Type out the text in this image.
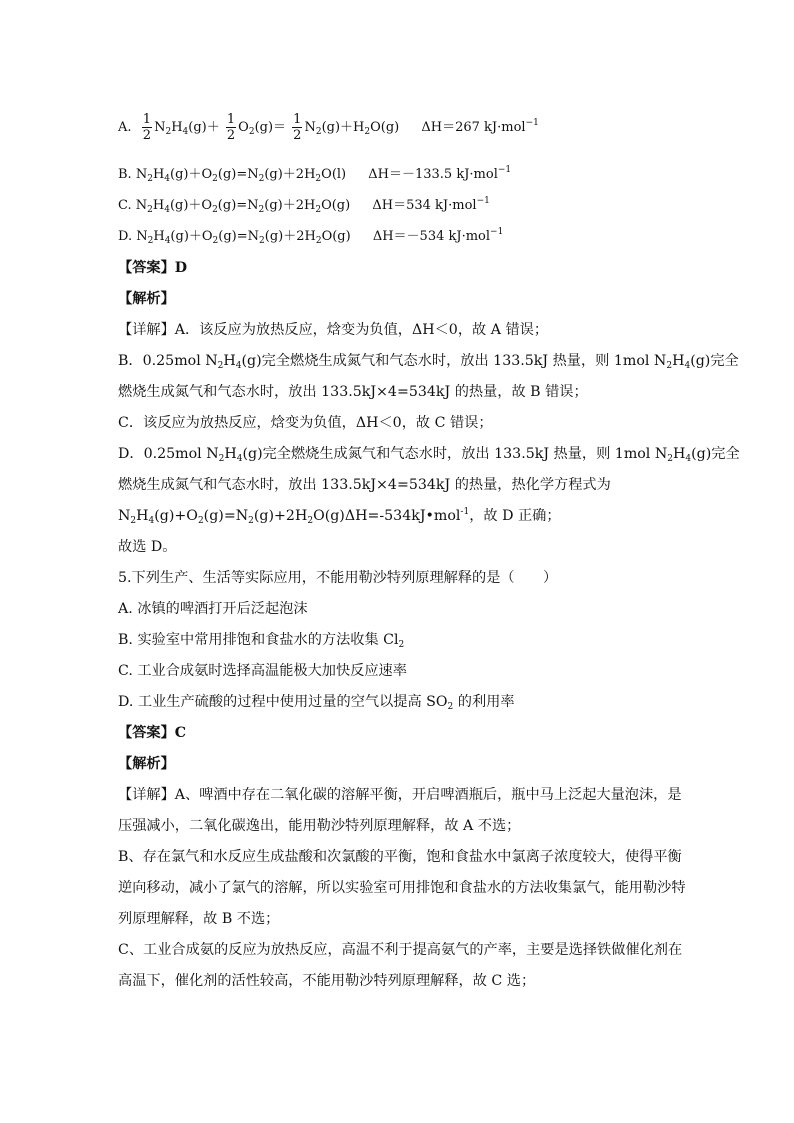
A. $\frac{1}{2} N_2H_4(g)+ \frac{1}{2} O_2(g)= \frac{1}{2} N_2(g)+H_2O(g)$ ΔH＝267 kJ·mol$^{-1}$
B. $N_2H_4(g)+O_2(g)=N_2(g)+2H_2O(l)$ ΔH＝－133.5 kJ·mol$^{-1}$
C. $N_2H_4(g)+O_2(g)=N_2(g)+2H_2O(g)$ ΔH＝534 kJ·mol$^{-1}$
D. $N_2H_4(g)+O_2(g)=N_2(g)+2H_2O(g)$ ΔH＝－534 kJ·mol$^{-1}$
【答案】D
【解析】
【详解】A．该反应为放热反应，焓变为负值，ΔH＜0，故 A 错误；
B．0.25mol $N_2H_4(g)$完全燃烧生成氮气和气态水时，放出 133.5kJ 热量，则 1mol $N_2H_4(g)$完全
燃烧生成氮气和气态水时，放出 133.5kJ×4=534kJ 的热量，故 B 错误；
C．该反应为放热反应，焓变为负值，ΔH＜0，故 C 错误；
D．0.25mol $N_2H_4(g)$完全燃烧生成氮气和气态水时，放出 133.5kJ 热量，则 1mol $N_2H_4(g)$完全
燃烧生成氮气和气态水时，放出 133.5kJ×4=534kJ 的热量，热化学方程式为
$N_2H_4(g)+O_2(g)=N_2(g)+2H_2O(g)\Delta H=-534kJ•mol^{-1}$，故 D 正确；
故选 D。
5.下列生产、生活等实际应用，不能用勒沙特列原理解释的是（　　）
A. 冰镇的啤酒打开后泛起泡沫
B. 实验室中常用排饱和食盐水的方法收集 $Cl_2$
C. 工业合成氨时选择高温能极大加快反应速率
D. 工业生产硫酸的过程中使用过量的空气以提高 $SO_2$ 的利用率
【答案】C
【解析】
【详解】A、啤酒中存在二氧化碳的溶解平衡，开启啤酒瓶后，瓶中马上泛起大量泡沫，是
压强减小，二氧化碳逸出，能用勒沙特列原理解释，故 A 不选；
B、存在氯气和水反应生成盐酸和次氯酸的平衡，饱和食盐水中氯离子浓度较大，使得平衡
逆向移动，减小了氯气的溶解，所以实验室可用排饱和食盐水的方法收集氯气，能用勒沙特
列原理解释，故 B 不选；
C、工业合成氨的反应为放热反应，高温不利于提高氨气的产率，主要是选择铁做催化剂在
高温下，催化剂的活性较高，不能用勒沙特列原理解释，故 C 选；
